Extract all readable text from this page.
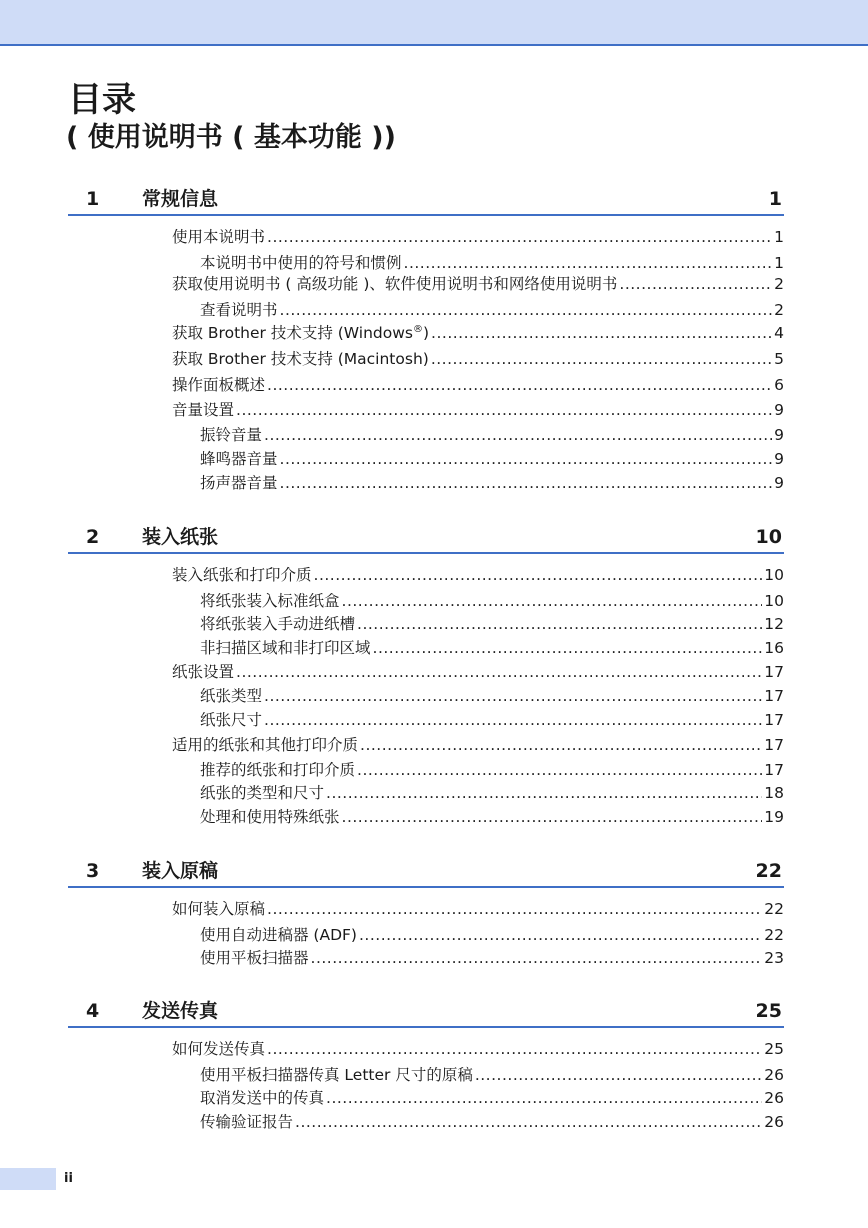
目录
( 使用说明书 ( 基本功能 ))
1 常规信息	1
使用本说明书 .....	1
本说明书中使用的符号和惯例 .....	1
获取使用说明书 ( 高级功能 )、软件使用说明书和网络使用说明书 .....	2
查看说明书 .....	2
获取 Brother 技术支持 (Windows®) .....	4
获取 Brother 技术支持 (Macintosh) .....	5
操作面板概述 .....	6
音量设置 .....	9
振铃音量 .....	9
蜂鸣器音量 .....	9
扬声器音量 .....	9
2 装入纸张	10
装入纸张和打印介质 .....	10
将纸张装入标准纸盒 .....	10
将纸张装入手动进纸槽 .....	12
非扫描区域和非打印区域 .....	16
纸张设置 .....	17
纸张类型 .....	17
纸张尺寸 .....	17
适用的纸张和其他打印介质 .....	17
推荐的纸张和打印介质 .....	17
纸张的类型和尺寸 .....	18
处理和使用特殊纸张 .....	19
3 装入原稿	22
如何装入原稿 .....	22
使用自动进稿器 (ADF) .....	22
使用平板扫描器 .....	23
4 发送传真	25
如何发送传真 .....	25
使用平板扫描器传真 Letter 尺寸的原稿 .....	26
取消发送中的传真 .....	26
传输验证报告 .....	26
ii
